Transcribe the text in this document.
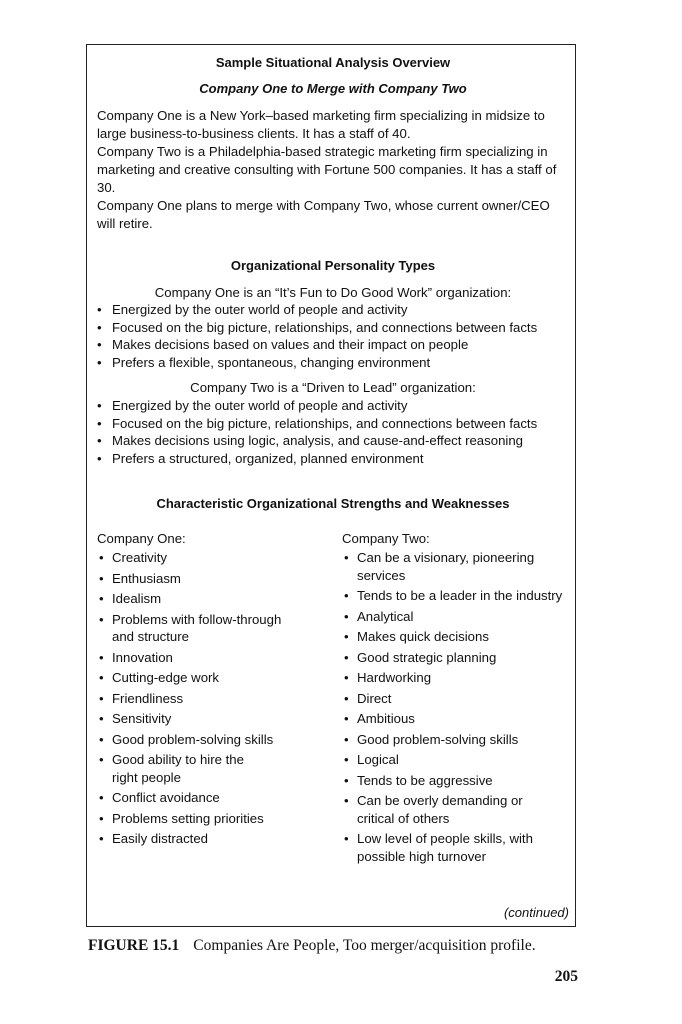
Sample Situational Analysis Overview
Company One to Merge with Company Two
Company One is a New York–based marketing firm specializing in midsize to large business-to-business clients. It has a staff of 40.
Company Two is a Philadelphia-based strategic marketing firm specializing in marketing and creative consulting with Fortune 500 companies. It has a staff of 30.
Company One plans to merge with Company Two, whose current owner/CEO will retire.
Organizational Personality Types
Company One is an “It’s Fun to Do Good Work” organization:
• Energized by the outer world of people and activity
• Focused on the big picture, relationships, and connections between facts
• Makes decisions based on values and their impact on people
• Prefers a flexible, spontaneous, changing environment
Company Two is a “Driven to Lead” organization:
• Energized by the outer world of people and activity
• Focused on the big picture, relationships, and connections between facts
• Makes decisions using logic, analysis, and cause-and-effect reasoning
• Prefers a structured, organized, planned environment
Characteristic Organizational Strengths and Weaknesses
Company One:
• Creativity
• Enthusiasm
• Idealism
• Problems with follow-through and structure
• Innovation
• Cutting-edge work
• Friendliness
• Sensitivity
• Good problem-solving skills
• Good ability to hire the right people
• Conflict avoidance
• Problems setting priorities
• Easily distracted
Company Two:
• Can be a visionary, pioneering services
• Tends to be a leader in the industry
• Analytical
• Makes quick decisions
• Good strategic planning
• Hardworking
• Direct
• Ambitious
• Good problem-solving skills
• Logical
• Tends to be aggressive
• Can be overly demanding or critical of others
• Low level of people skills, with possible high turnover
(continued)
FIGURE 15.1 Companies Are People, Too merger/acquisition profile.
205
